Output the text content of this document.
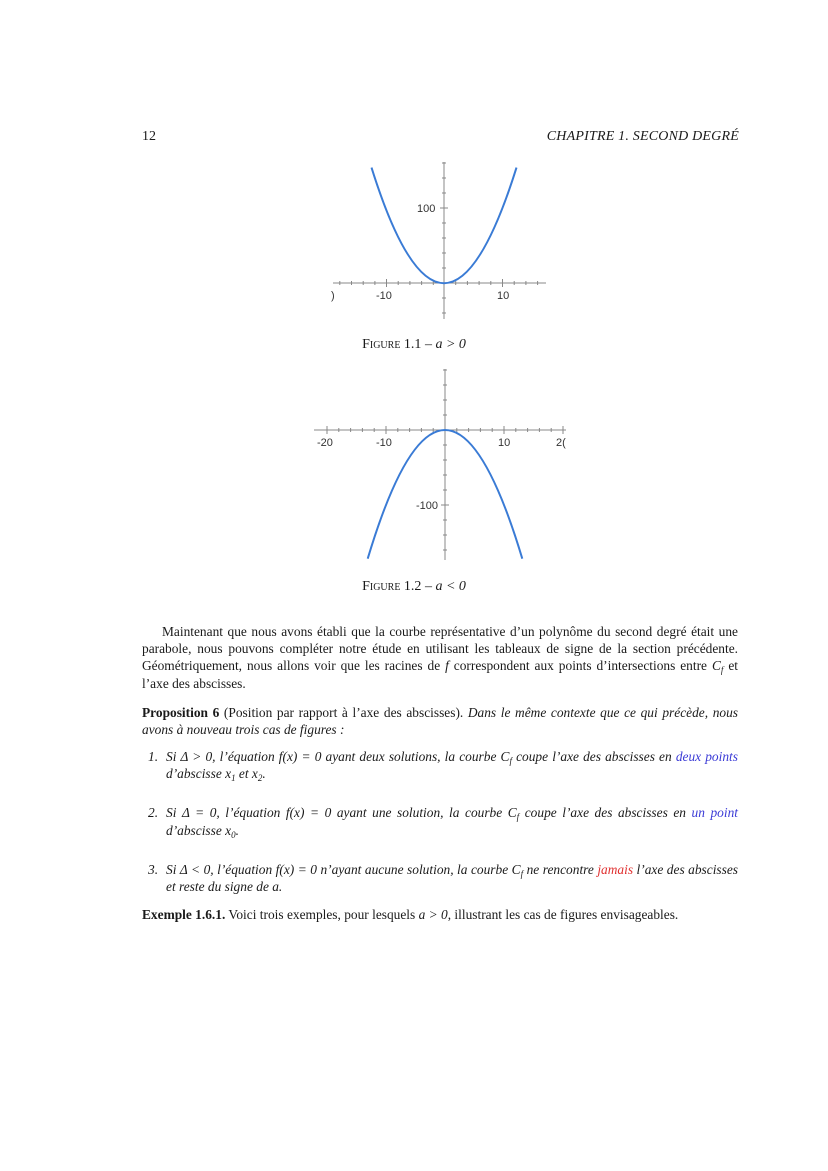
12	CHAPITRE 1. SECOND DEGRÉ
)	-10	10
100
Figure 1.1 – a > 0
-20	-10	10	2(
-100
Figure 1.2 – a < 0

Maintenant que nous avons établi que la courbe représentative d’un polynôme du second degré était une parabole, nous pouvons compléter notre étude en utilisant les tableaux de signe de la section précédente. Géométriquement, nous allons voir que les racines de f correspondent aux points d’intersections entre $C_f$ et l’axe des abscisses.

Proposition 6 (Position par rapport à l’axe des abscisses). Dans le même contexte que ce qui précède, nous avons à nouveau trois cas de figures :

1. Si Δ > 0, l’équation f(x) = 0 ayant deux solutions, la courbe $C_f$ coupe l’axe des abscisses en deux points d’abscisse $x_1$ et $x_2$.
2. Si Δ = 0, l’équation f(x) = 0 ayant une solution, la courbe $C_f$ coupe l’axe des abscisses en un point d’abscisse $x_0$.
3. Si Δ < 0, l’équation f(x) = 0 n’ayant aucune solution, la courbe $C_f$ ne rencontre jamais l’axe des abscisses et reste du signe de a.

Exemple 1.6.1. Voici trois exemples, pour lesquels a > 0, illustrant les cas de figures envisageables.
